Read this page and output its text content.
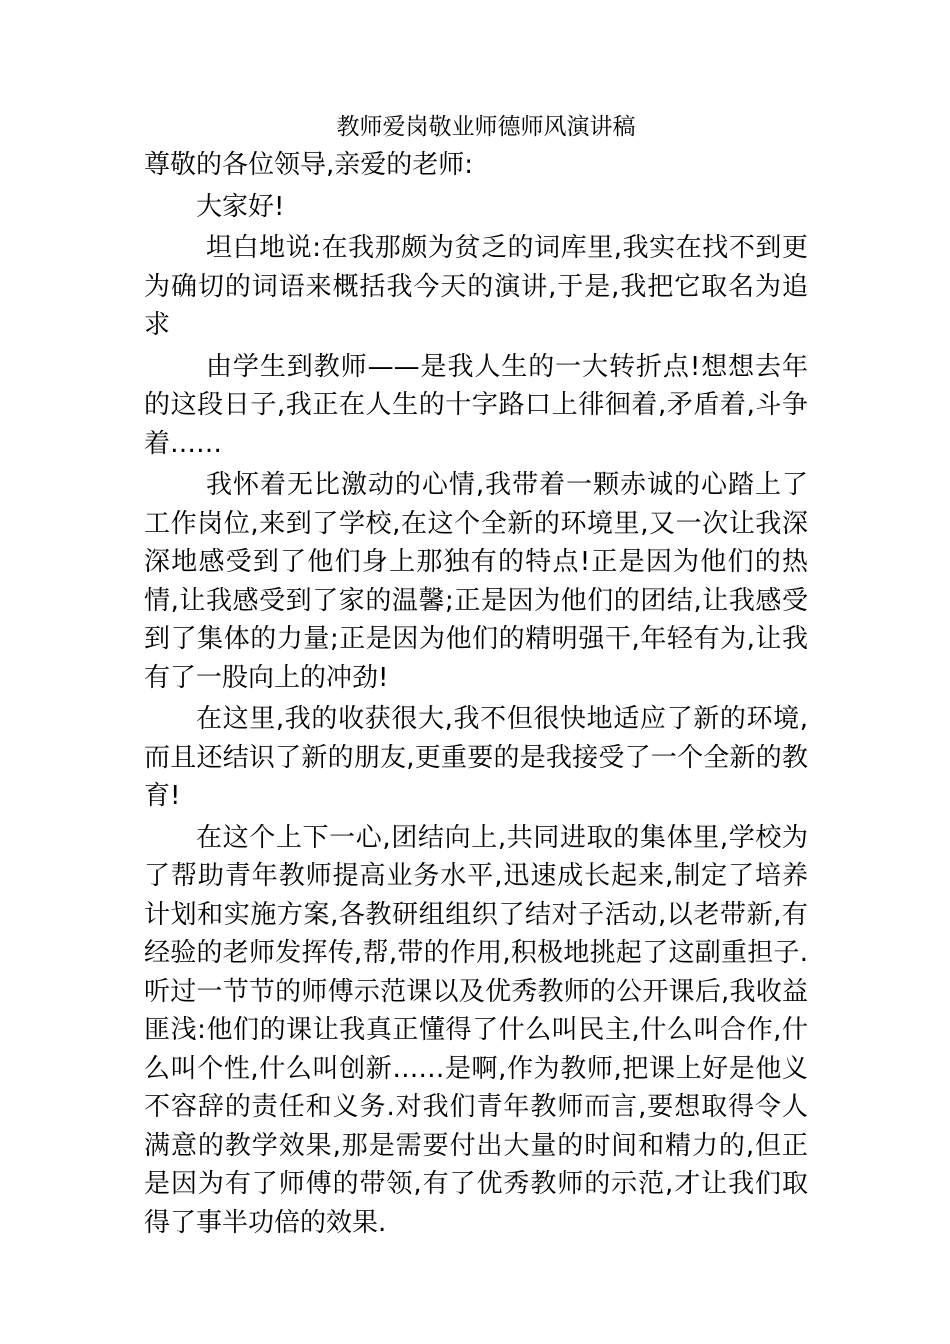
教师爱岗敬业师德师风演讲稿

尊敬的各位领导,亲爱的老师:

大家好!

坦白地说:在我那颇为贫乏的词库里,我实在找不到更为确切的词语来概括我今天的演讲,于是,我把它取名为追求

由学生到教师——是我人生的一大转折点!想想去年的这段日子,我正在人生的十字路口上徘徊着,矛盾着,斗争着……

我怀着无比激动的心情,我带着一颗赤诚的心踏上了工作岗位,来到了学校,在这个全新的环境里,又一次让我深深地感受到了他们身上那独有的特点!正是因为他们的热情,让我感受到了家的温馨;正是因为他们的团结,让我感受到了集体的力量;正是因为他们的精明强干,年轻有为,让我有了一股向上的冲劲!

在这里,我的收获很大,我不但很快地适应了新的环境,而且还结识了新的朋友,更重要的是我接受了一个全新的教育!

在这个上下一心,团结向上,共同进取的集体里,学校为了帮助青年教师提高业务水平,迅速成长起来,制定了培养计划和实施方案,各教研组组织了结对子活动,以老带新,有经验的老师发挥传,帮,带的作用,积极地挑起了这副重担子.听过一节节的师傅示范课以及优秀教师的公开课后,我收益匪浅:他们的课让我真正懂得了什么叫民主,什么叫合作,什么叫个性,什么叫创新……是啊,作为教师,把课上好是他义不容辞的责任和义务.对我们青年教师而言,要想取得令人满意的教学效果,那是需要付出大量的时间和精力的,但正是因为有了师傅的带领,有了优秀教师的示范,才让我们取得了事半功倍的效果.
